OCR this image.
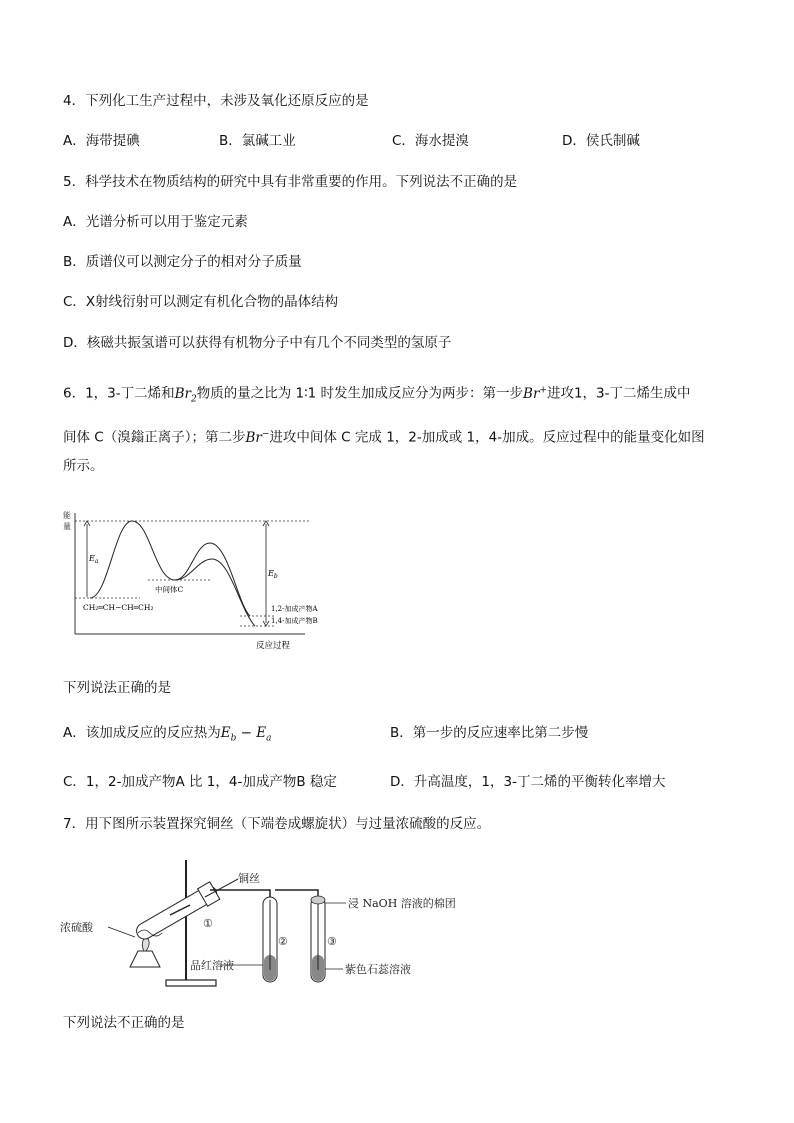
4．下列化工生产过程中，未涉及氧化还原反应的是
A．海带提碘	B．氯碱工业	C．海水提溴	D．侯氏制碱
5．科学技术在物质结构的研究中具有非常重要的作用。下列说法不正确的是
A．光谱分析可以用于鉴定元素
B．质谱仪可以测定分子的相对分子质量
C．X射线衍射可以测定有机化合物的晶体结构
D．核磁共振氢谱可以获得有机物分子中有几个不同类型的氢原子
6．1，3-丁二烯和$Br_2$物质的量之比为 1∶1 时发生加成反应分为两步：第一步Br+进攻1，3-丁二烯生成中
间体 C（溴鎓正离子）；第二步Br−进攻中间体 C 完成 1，2-加成或 1，4-加成。反应过程中的能量变化如图
所示。
能
量
$E_a$
$E_b$
中间体C
CH₂═CH−CH═CH₂	1,2-加成产物A
1,4-加成产物B
反应过程
下列说法正确的是
A．该加成反应的反应热为$E_b - E_a$	B．第一步的反应速率比第二步慢
C．1，2-加成产物A 比 1，4-加成产物B 稳定	D．升高温度，1，3-丁二烯的平衡转化率增大
7．用下图所示装置探究铜丝（下端卷成螺旋状）与过量浓硫酸的反应。
浓硫酸
铜丝
浸 NaOH 溶液的棉团
品红溶液	紫色石蕊溶液
①
②	③
下列说法不正确的是
